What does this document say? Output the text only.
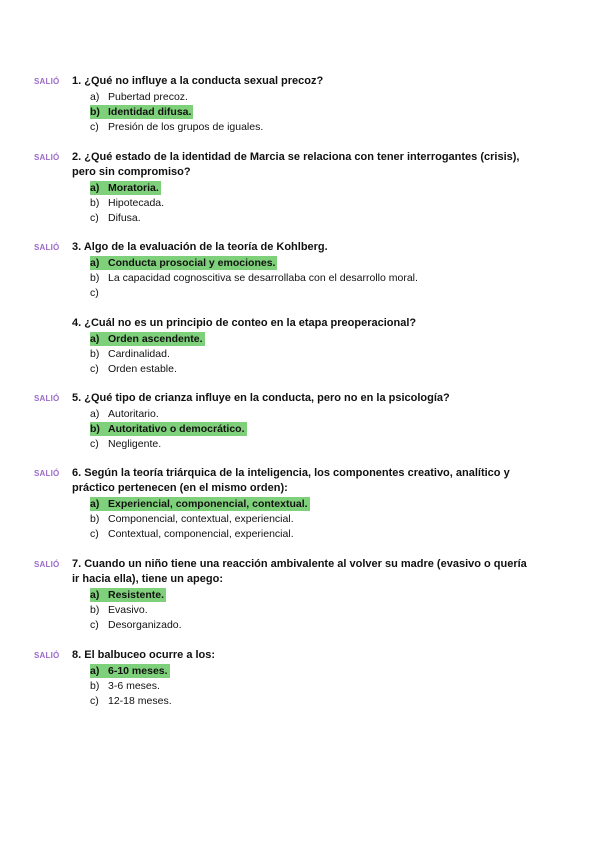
SALIÓ 1. ¿Qué no influye a la conducta sexual precoz?
a) Pubertad precoz.
b) Identidad difusa.
c) Presión de los grupos de iguales.
SALIÓ 2. ¿Qué estado de la identidad de Marcia se relaciona con tener interrogantes (crisis), pero sin compromiso?
a) Moratoria.
b) Hipotecada.
c) Difusa.
SALIÓ 3. Algo de la evaluación de la teoría de Kohlberg.
a) Conducta prosocial y emociones.
b) La capacidad cognoscitiva se desarrollaba con el desarrollo moral.
c)
4. ¿Cuál no es un principio de conteo en la etapa preoperacional?
a) Orden ascendente.
b) Cardinalidad.
c) Orden estable.
SALIÓ 5. ¿Qué tipo de crianza influye en la conducta, pero no en la psicología?
a) Autoritario.
b) Autoritativo o democrático.
c) Negligente.
SALIÓ 6. Según la teoría triárquica de la inteligencia, los componentes creativo, analítico y práctico pertenecen (en el mismo orden):
a) Experiencial, componencial, contextual.
b) Componencial, contextual, experiencial.
c) Contextual, componencial, experiencial.
SALIÓ 7. Cuando un niño tiene una reacción ambivalente al volver su madre (evasivo o quería ir hacia ella), tiene un apego:
a) Resistente.
b) Evasivo.
c) Desorganizado.
SALIÓ 8. El balbuceo ocurre a los:
a) 6-10 meses.
b) 3-6 meses.
c) 12-18 meses.
